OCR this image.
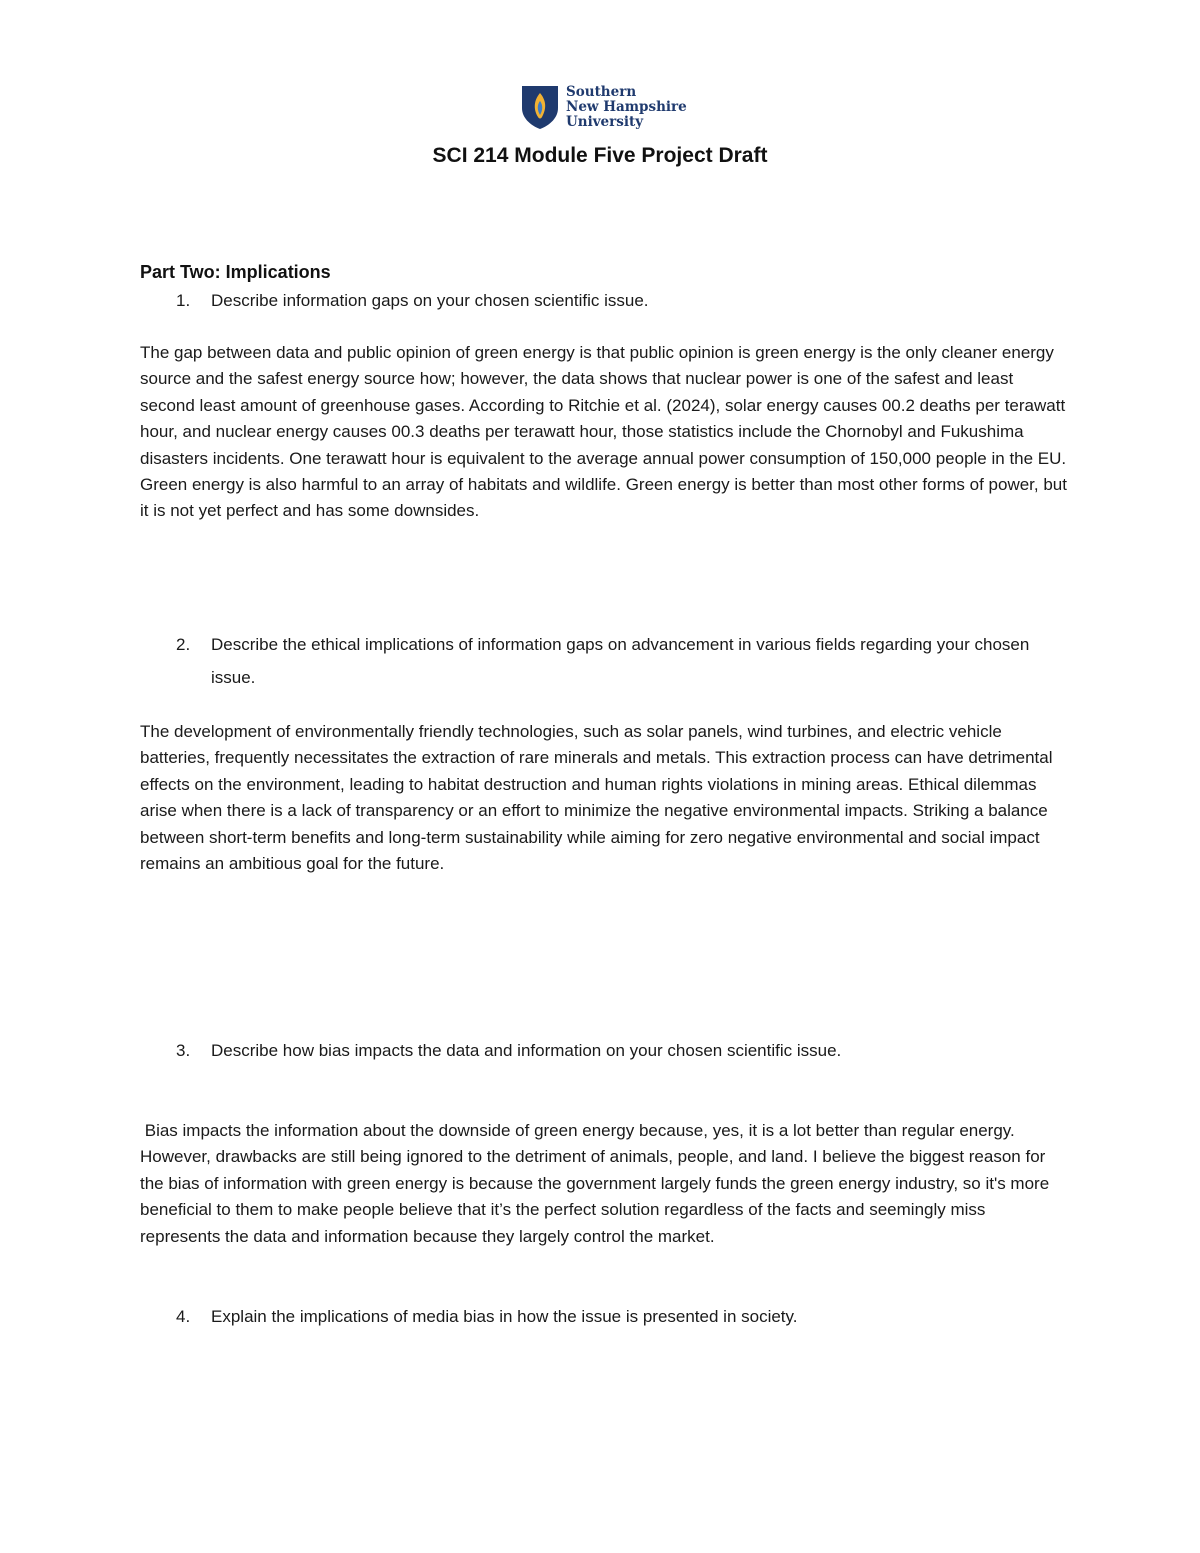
Southern
New Hampshire
University
SCI 214 Module Five Project Draft
Part Two: Implications
1. Describe information gaps on your chosen scientific issue.
The gap between data and public opinion of green energy is that public opinion is green energy is the only cleaner energy source and the safest energy source how; however, the data shows that nuclear power is one of the safest and least second least amount of greenhouse gases. According to Ritchie et al. (2024), solar energy causes 00.2 deaths per terawatt hour, and nuclear energy causes 00.3 deaths per terawatt hour, those statistics include the Chornobyl and Fukushima disasters incidents. One terawatt hour is equivalent to the average annual power consumption of 150,000 people in the EU. Green energy is also harmful to an array of habitats and wildlife. Green energy is better than most other forms of power, but it is not yet perfect and has some downsides.
2. Describe the ethical implications of information gaps on advancement in various fields regarding your chosen issue.
The development of environmentally friendly technologies, such as solar panels, wind turbines, and electric vehicle batteries, frequently necessitates the extraction of rare minerals and metals. This extraction process can have detrimental effects on the environment, leading to habitat destruction and human rights violations in mining areas. Ethical dilemmas arise when there is a lack of transparency or an effort to minimize the negative environmental impacts. Striking a balance between short-term benefits and long-term sustainability while aiming for zero negative environmental and social impact remains an ambitious goal for the future.
3. Describe how bias impacts the data and information on your chosen scientific issue.
Bias impacts the information about the downside of green energy because, yes, it is a lot better than regular energy. However, drawbacks are still being ignored to the detriment of animals, people, and land. I believe the biggest reason for the bias of information with green energy is because the government largely funds the green energy industry, so it's more beneficial to them to make people believe that it’s the perfect solution regardless of the facts and seemingly miss represents the data and information because they largely control the market.
4. Explain the implications of media bias in how the issue is presented in society.
